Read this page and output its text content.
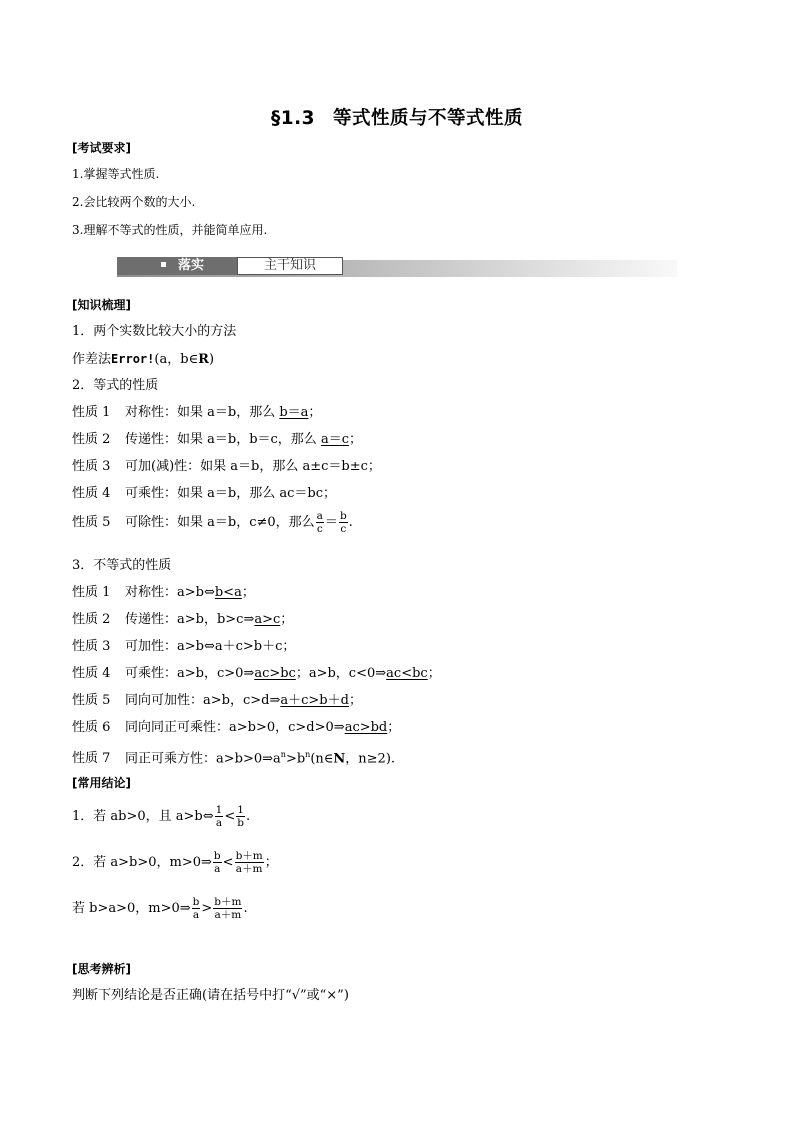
§1.3 等式性质与不等式性质
[考试要求]
1.掌握等式性质.
2.会比较两个数的大小.
3.理解不等式的性质，并能简单应用.
落实	主干知识
[知识梳理]
1．两个实数比较大小的方法
作差法Error!(a，b∈R)
2．等式的性质
性质 1 对称性：如果 a＝b，那么 b＝a；
性质 2 传递性：如果 a＝b，b＝c，那么 a＝c；
性质 3 可加(减)性：如果 a＝b，那么 a±c＝b±c；
性质 4 可乘性：如果 a＝b，那么 ac＝bc；
性质 5 可除性：如果 a＝b，c≠0，那么 $\frac{a}{c} = \frac{b}{c}$ .
3．不等式的性质
性质 1 对称性：a>b⇔b<a；
性质 2 传递性：a>b，b>c⇒a>c；
性质 3 可加性：a>b⇔a＋c>b＋c；
性质 4 可乘性：a>b，c>0⇒ac>bc；a>b，c<0⇒ac<bc；
性质 5 同向可加性：a>b，c>d⇒a＋c>b＋d；
性质 6 同向同正可乘性：a>b>0，c>d>0⇒ac>bd；
性质 7 同正可乘方性：$a>b>0\Rightarrow a^n>b^n(n\in N$，n≥2).
[常用结论]
1．若 ab>0，且 a>b⇔ $\frac{1}{a} < \frac{1}{b}$ .
2．若 a>b>0，m>0⇒ $\frac{b}{a} < \frac{b+m}{a+m}$ ；
若 b>a>0，m>0⇒ $\frac{b}{a} > \frac{b+m}{a+m}$ .
[思考辨析]
判断下列结论是否正确(请在括号中打“√”或“×”)
